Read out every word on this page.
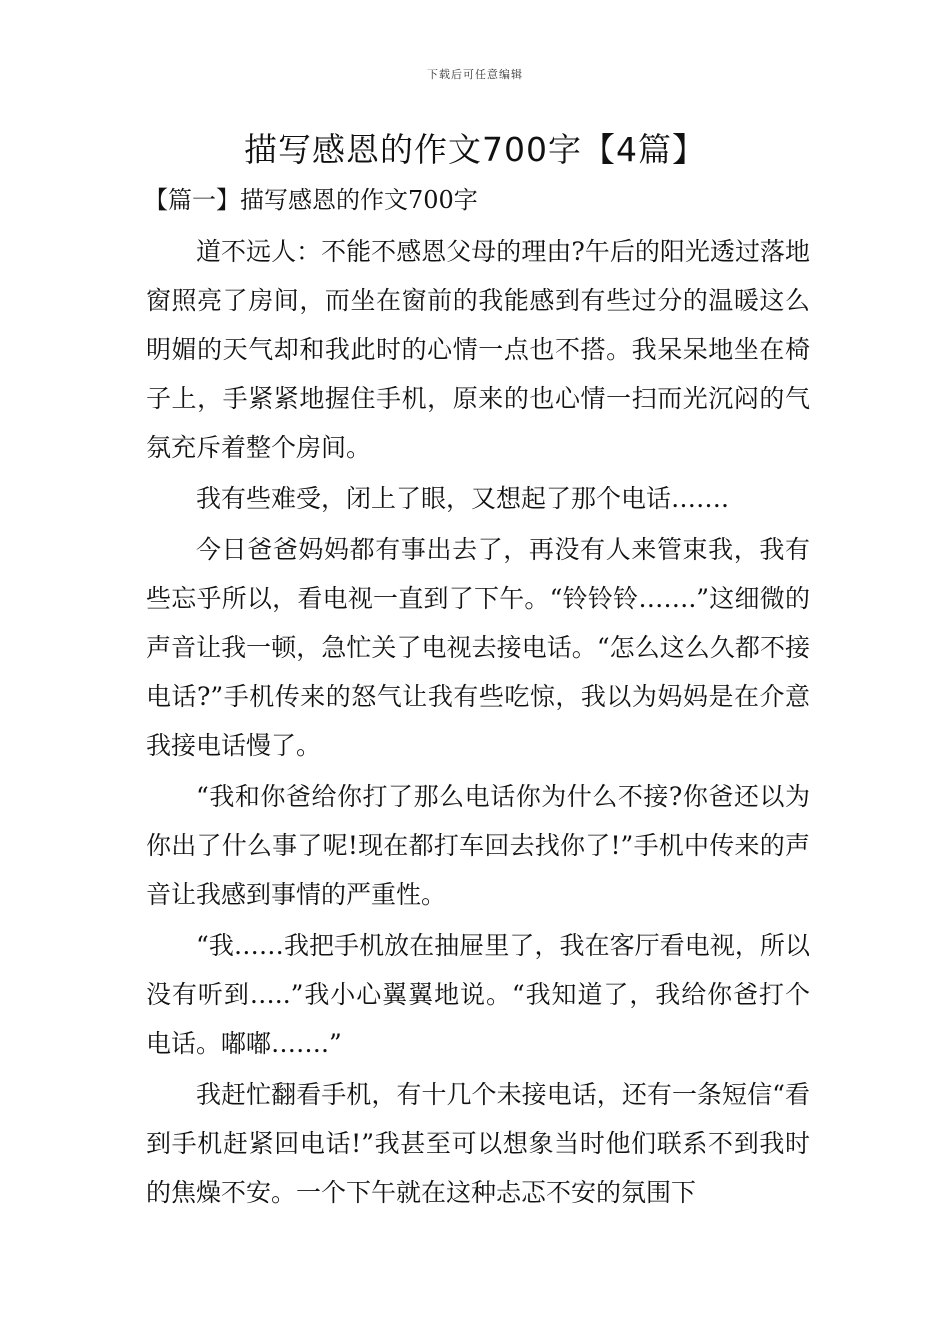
下载后可任意编辑
描写感恩的作文700字【4篇】
【篇一】描写感恩的作文700字

道不远人：不能不感恩父母的理由?午后的阳光透过落地窗照亮了房间，而坐在窗前的我能感到有些过分的温暖这么明媚的天气却和我此时的心情一点也不搭。我呆呆地坐在椅子上，手紧紧地握住手机，原来的也心情一扫而光沉闷的气氛充斥着整个房间。

我有些难受，闭上了眼，又想起了那个电话…….

今日爸爸妈妈都有事出去了，再没有人来管束我，我有些忘乎所以，看电视一直到了下午。“铃铃铃…….”这细微的声音让我一顿，急忙关了电视去接电话。“怎么这么久都不接电话?”手机传来的怒气让我有些吃惊，我以为妈妈是在介意我接电话慢了。

“我和你爸给你打了那么电话你为什么不接?你爸还以为你出了什么事了呢!现在都打车回去找你了!”手机中传来的声音让我感到事情的严重性。

“我……我把手机放在抽屉里了，我在客厅看电视，所以没有听到…..”我小心翼翼地说。“我知道了，我给你爸打个电话。嘟嘟…….”

我赶忙翻看手机，有十几个未接电话，还有一条短信“看到手机赶紧回电话!”我甚至可以想象当时他们联系不到我时的焦燥不安。一个下午就在这种忐忑不安的氛围下
